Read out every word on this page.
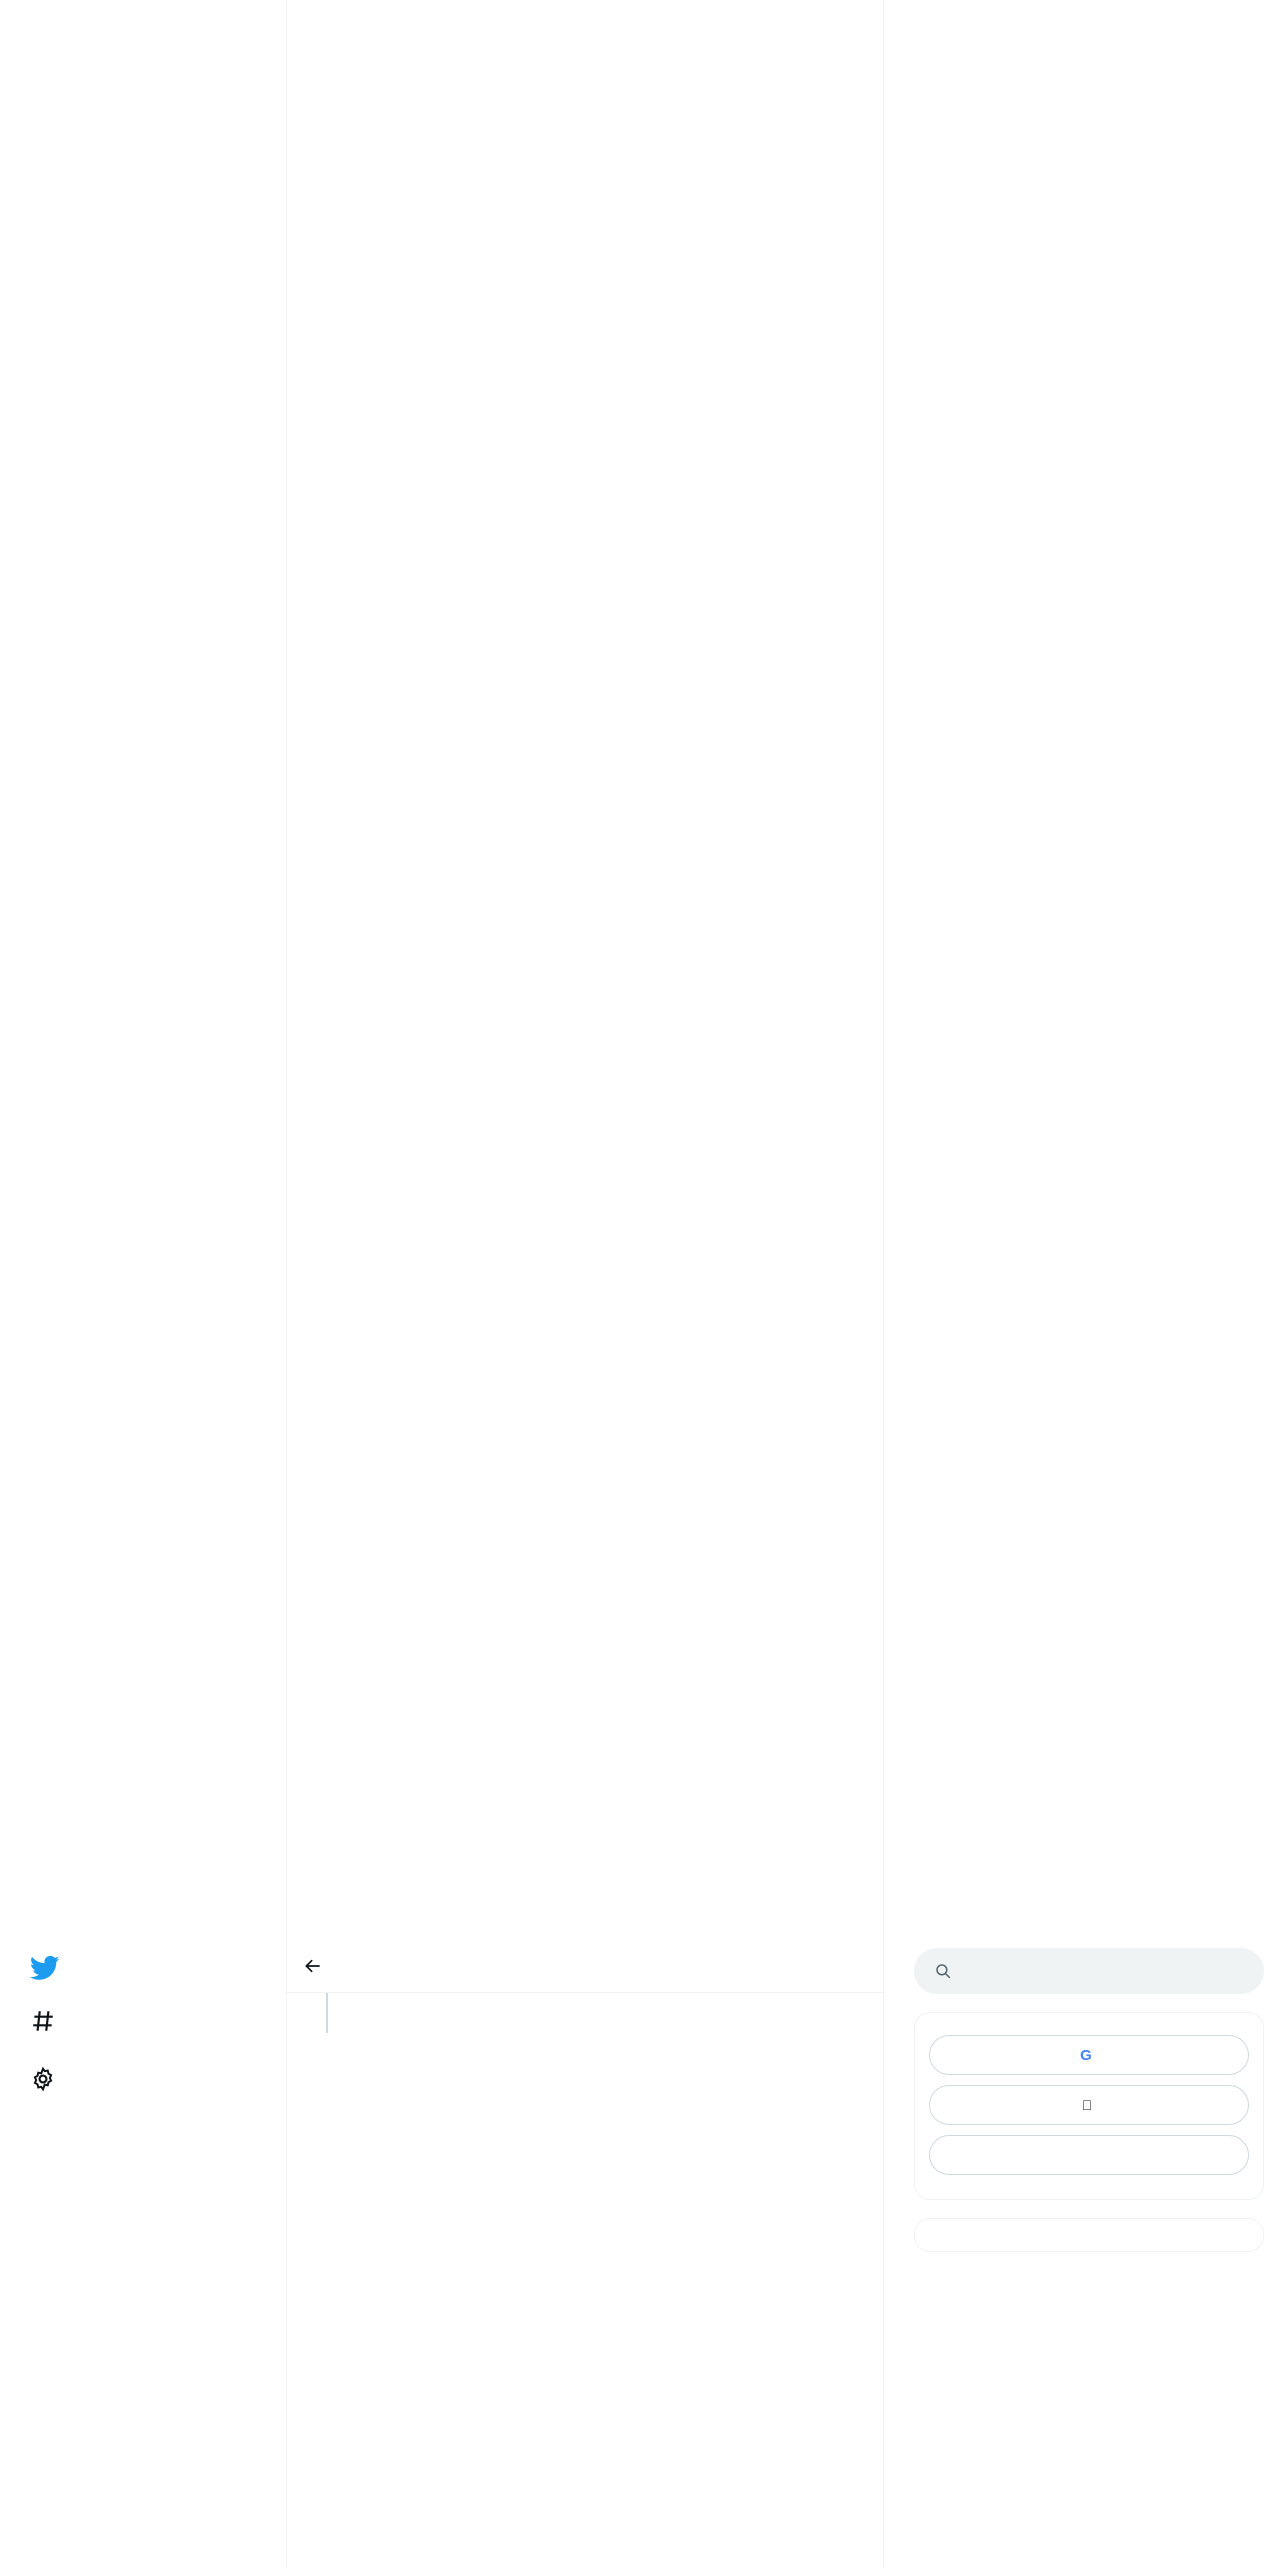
G
